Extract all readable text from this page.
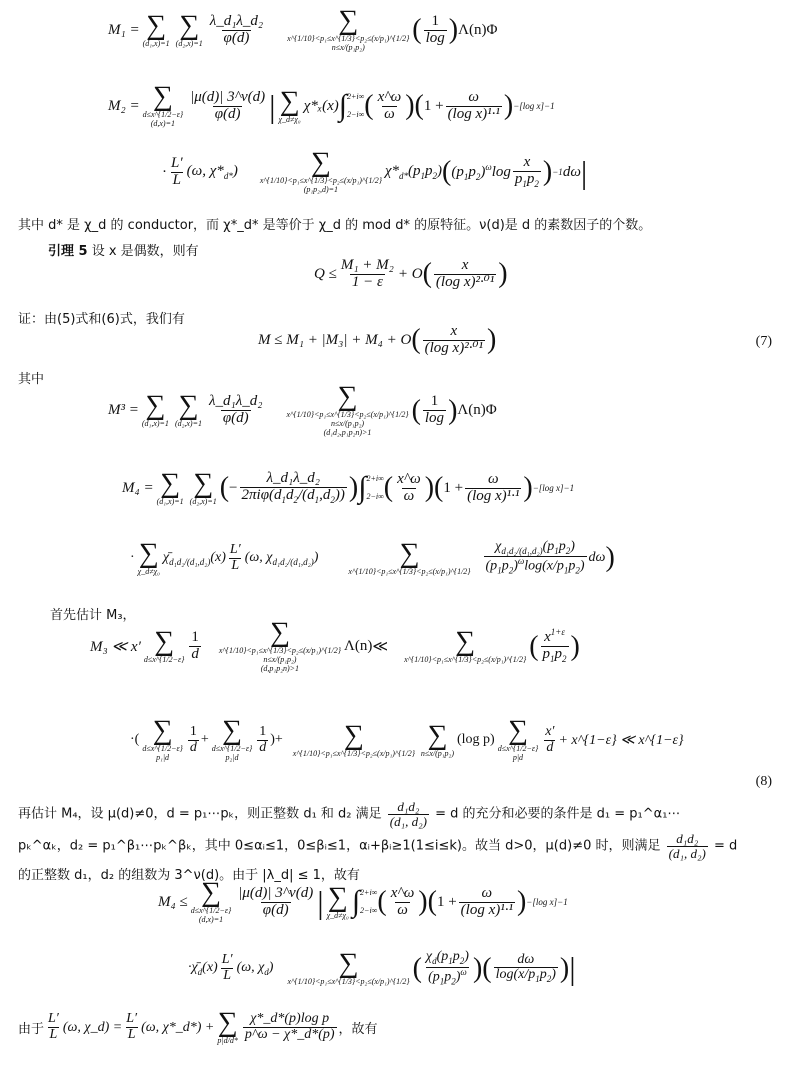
M₁ = ∑
(d₁,x)=1
∑
$(d_2,x)=1 \frac{\text{λ\_d₁λ\_d₂}}{\varphi(d)}$	∑
x^{1/10}<p₁≤x^{1/3}<p₂≤(x/p₁)^{1/2}
n≤x/(p₁p₂)
( $\frac{1}{\log}$ ) Λ(n) Φ
M₂ = ∑
d≤x^{1/2−ε}
(d,x)=1
$\frac{|\mu(d)| 3\^{}\nu(d)}{\varphi(d)}$ | ∑
χ_d≠χ₀
χ*ₓ(x) ∫ 2+i∞
2−i∞ ( $\frac{x\^{}\omega}{\omega}$ ) ( $1 + \frac{\omega}{\text{(log x)¹·¹}}$ ) −[log x]−1
· $\frac{L'}{L} (\omega$, $\chi*_{d*}$)	∑
x^{1/10}<p₁≤x^{1/3}<p₂≤(x/p₁)^{1/2}
(p₁p₂,d)=1
$\chi*_{d*}(p_1p_2)$ ( $(p_1p_2)^\omega\log \frac{x}{p_1p_2}$ ) −1 dω |
其中 d* 是 χ_d 的 conductor，而 χ*_d* 是等价于 χ_d 的 mod d* 的原特征。ν(d)是 d 的素数因子的个数。
引理 5 设 x 是偶数，则有
$Q \le \frac{\text{M₁ + M₂}}{1 - \varepsilon} + O$ ( $\frac{x}{\text{(log x)²·⁰¹}}$ )
证：由(5)式和(6)式，我们有
M ≤ M₁ + |M₃| + M₄ + O ( $\frac{x}{\text{(log x)²·⁰¹}}$ )	(7)
其中
M³ = ∑
(d₁,x)=1
∑
$(d_2,x)=1 \frac{\text{λ\_d₁λ\_d₂}}{\varphi(d)}$	∑
x^{1/10}<p₁≤x^{1/3}<p₂≤(x/p₁)^{1/2}
n≤x/(p₁p₂)
(d₁d₂,p₁p₂n)>1
( $\frac{1}{\log}$ ) Λ(n) Φ
M₄ = ∑
(d₁,x)=1
∑
(d₂,x)=1 ( − $\frac{\text{λ\_d₁λ\_d₂}}{2\pi i\varphi(d_1d_2/(d_1,d_2))}$ ) ∫ 2+i∞
2−i∞ ( $\frac{x\^{}\omega}{\omega}$ ) ( $1 + \frac{\omega}{\text{(log x)¹·¹}}$ ) −[log x]−1
· ∑
χ_d≠χ₀
$\chī_{d_1d_2/(d_1,d_2)}(x) \frac{L'}{L} (\omega$, $\chi_{d_1d_2/(d_1,d_2)}$)	∑
x^{1/10}<p₁≤x^{1/3}<p₂≤(x/p₁)^{1/2} $\frac{\chi_{d_1d_2/(d_1,d_2)}(p_1p_2)}{(p_1p_2)^\omega\log(x/p_1p_2)}$ dω )
首先估计 M₃，
M₃ ≪ x′ ∑
d≤x^{1/2−ε} $\frac{1}{d}$ ∑
x^{1/10}<p₁≤x^{1/3}<p₂≤(x/p₁)^{1/2}
n≤x/(p₁p₂)
(d,p₁p₂n)>1
Λ(n) ≪ ∑
x^{1/10}<p₁≤x^{1/3}<p₂≤(x/p₁)^{1/2} ( $\frac{x^{1+\varepsilon}}{p_1p_2}$ )
·( ∑
d≤x^{1/2−ε}
p₁|d
$\frac{1}{d}$ + ∑
d≤x^{1/2−ε}
p₂|d
$\frac{1}{d}$ )+ ∑
x^{1/10}<p₁≤x^{1/3}<p₂≤(x/p₁)^{1/2}
∑
n≤x/(p₁p₂)
(log p) ∑
d≤x^{1/2−ε}
p|d
$\frac{x'}{d}$ + x^{1−ε} ≪ x^{1−ε}
(8)
再估计 M₄，设 μ(d)≠0，d = p₁⋯pₖ，则正整数 d₁ 和 d₂ 满足 $\frac{\text{d₁d₂}}{\text{(d₁, d₂)}} = d$ 的充分和必要的条件是 d₁ = p₁^α₁⋯
pₖ^αₖ，d₂ = p₁^β₁⋯pₖ^βₖ，其中 0≤αᵢ≤1，0≤βᵢ≤1，αᵢ+βᵢ≥1(1≤i≤k)。故当 d>0，μ(d)≠0 时，则满足 $\frac{\text{d₁d₂}}{\text{(d₁, d₂)}} = d$
的正整数 d₁，d₂ 的组数为 3^ν(d)。由于 |λ_d| ≤ 1，故有
M₄ ≤ ∑
d≤x^{1/2−ε}
(d,x)=1
$\frac{|\mu(d)| 3\^{}\nu(d)}{\varphi(d)}$ | ∑
χ_d≠χ₀ ∫ 2+i∞
2−i∞ ( $\frac{x\^{}\omega}{\omega}$ ) ( $1 + \frac{\omega}{\text{(log x)¹·¹}}$ ) −[log x]−1
$\cdot\chī_d(x) \frac{L'}{L} (\omega$, $\chi_d$) ∑
x^{1/10}<p₁≤x^{1/3}<p₂≤(x/p₁)^{1/2} ( $\frac{\chi_d(p_1p_2)}{(p_1p_2)^\omega}$ ) ( $\frac{d\omega}{\log(x/p_1p_2)}$ ) |
由于 $\frac{L'}{L} (\omega$, χ_d) = $\frac{L'}{L} (\omega$, χ*_d*) + ∑
$p|d/d* \frac{\text{χ*\_d*(p)log p}}{p\^{}\omega - \chi*\_d*(p)}$ ，故有
